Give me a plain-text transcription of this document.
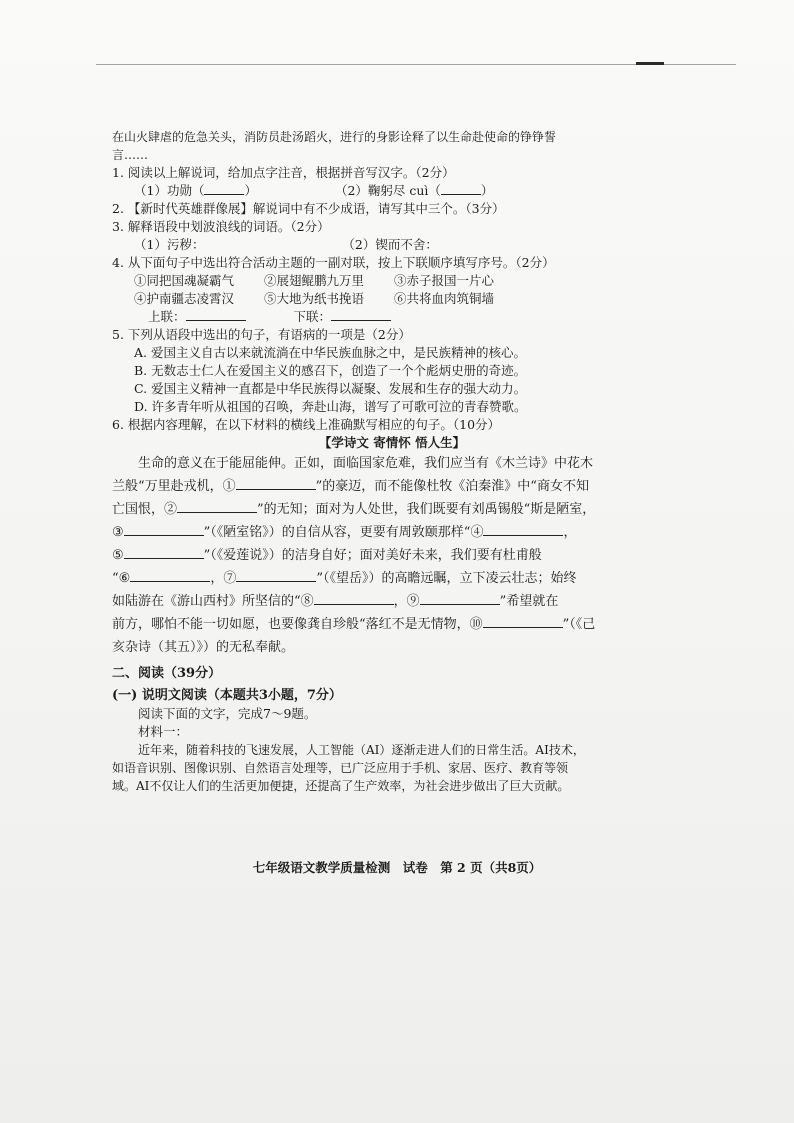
在山火肆虐的危急关头，消防员赴汤蹈火，进行的身影诠释了以生命赴使命的铮铮誓
言……
1. 阅读以上解说词，给加点字注音，根据拼音写汉字。（2分）
（1）功勋（	）	（2）鞠躬尽 cuì（	）
2. 【新时代英雄群像展】解说词中有不少成语，请写其中三个。（3分）
3. 解释语段中划波浪线的词语。（2分）
（1）污秽：	（2）锲而不舍：
4. 从下面句子中选出符合活动主题的一副对联，按上下联顺序填写序号。（2分）
①同把国魂凝霸气	②展翅鲲鹏九万里	③赤子报国一片心
④护南疆志凌霄汉	⑤大地为纸书挽语	⑥共将血肉筑铜墙
上联：	下联：
5. 下列从语段中选出的句子，有语病的一项是（2分）
A. 爱国主义自古以来就流淌在中华民族血脉之中，是民族精神的核心。
B. 无数志士仁人在爱国主义的感召下，创造了一个个彪炳史册的奇迹。
C. 爱国主义精神一直都是中华民族得以凝聚、发展和生存的强大动力。
D. 许多青年听从祖国的召唤，奔赴山海，谱写了可歌可泣的青春赞歌。
6. 根据内容理解，在以下材料的横线上准确默写相应的句子。（10分）
【学诗文 寄情怀 悟人生】
生命的意义在于能屈能伸。正如，面临国家危难，我们应当有《木兰诗》中花木
兰般“万里赴戎机，①	”的豪迈，而不能像杜牧《泊秦淮》中“商女不知
亡国恨，②	”的无知；面对为人处世，我们既要有刘禹锡般“斯是陋室，
③	”（《陋室铭》）的自信从容，更要有周敦颐那样“④	，
⑤	”（《爱莲说》）的洁身自好；面对美好未来，我们要有杜甫般
“⑥	，⑦	”（《望岳》）的高瞻远瞩，立下凌云壮志；始终
如陆游在《游山西村》所坚信的“⑧	，⑨	”希望就在
前方，哪怕不能一切如愿，也要像龚自珍般“落红不是无情物，⑩	”（《己
亥杂诗（其五）》）的无私奉献。
二、阅读（39分）
(一) 说明文阅读（本题共3小题，7分）
阅读下面的文字，完成7～9题。
材料一：
近年来，随着科技的飞速发展，人工智能（AI）逐渐走进人们的日常生活。AI技术，
如语音识别、图像识别、自然语言处理等，已广泛应用于手机、家居、医疗、教育等领
域。AI不仅让人们的生活更加便捷，还提高了生产效率，为社会进步做出了巨大贡献。
七年级语文教学质量检测　试卷　第 2 页（共8页）
